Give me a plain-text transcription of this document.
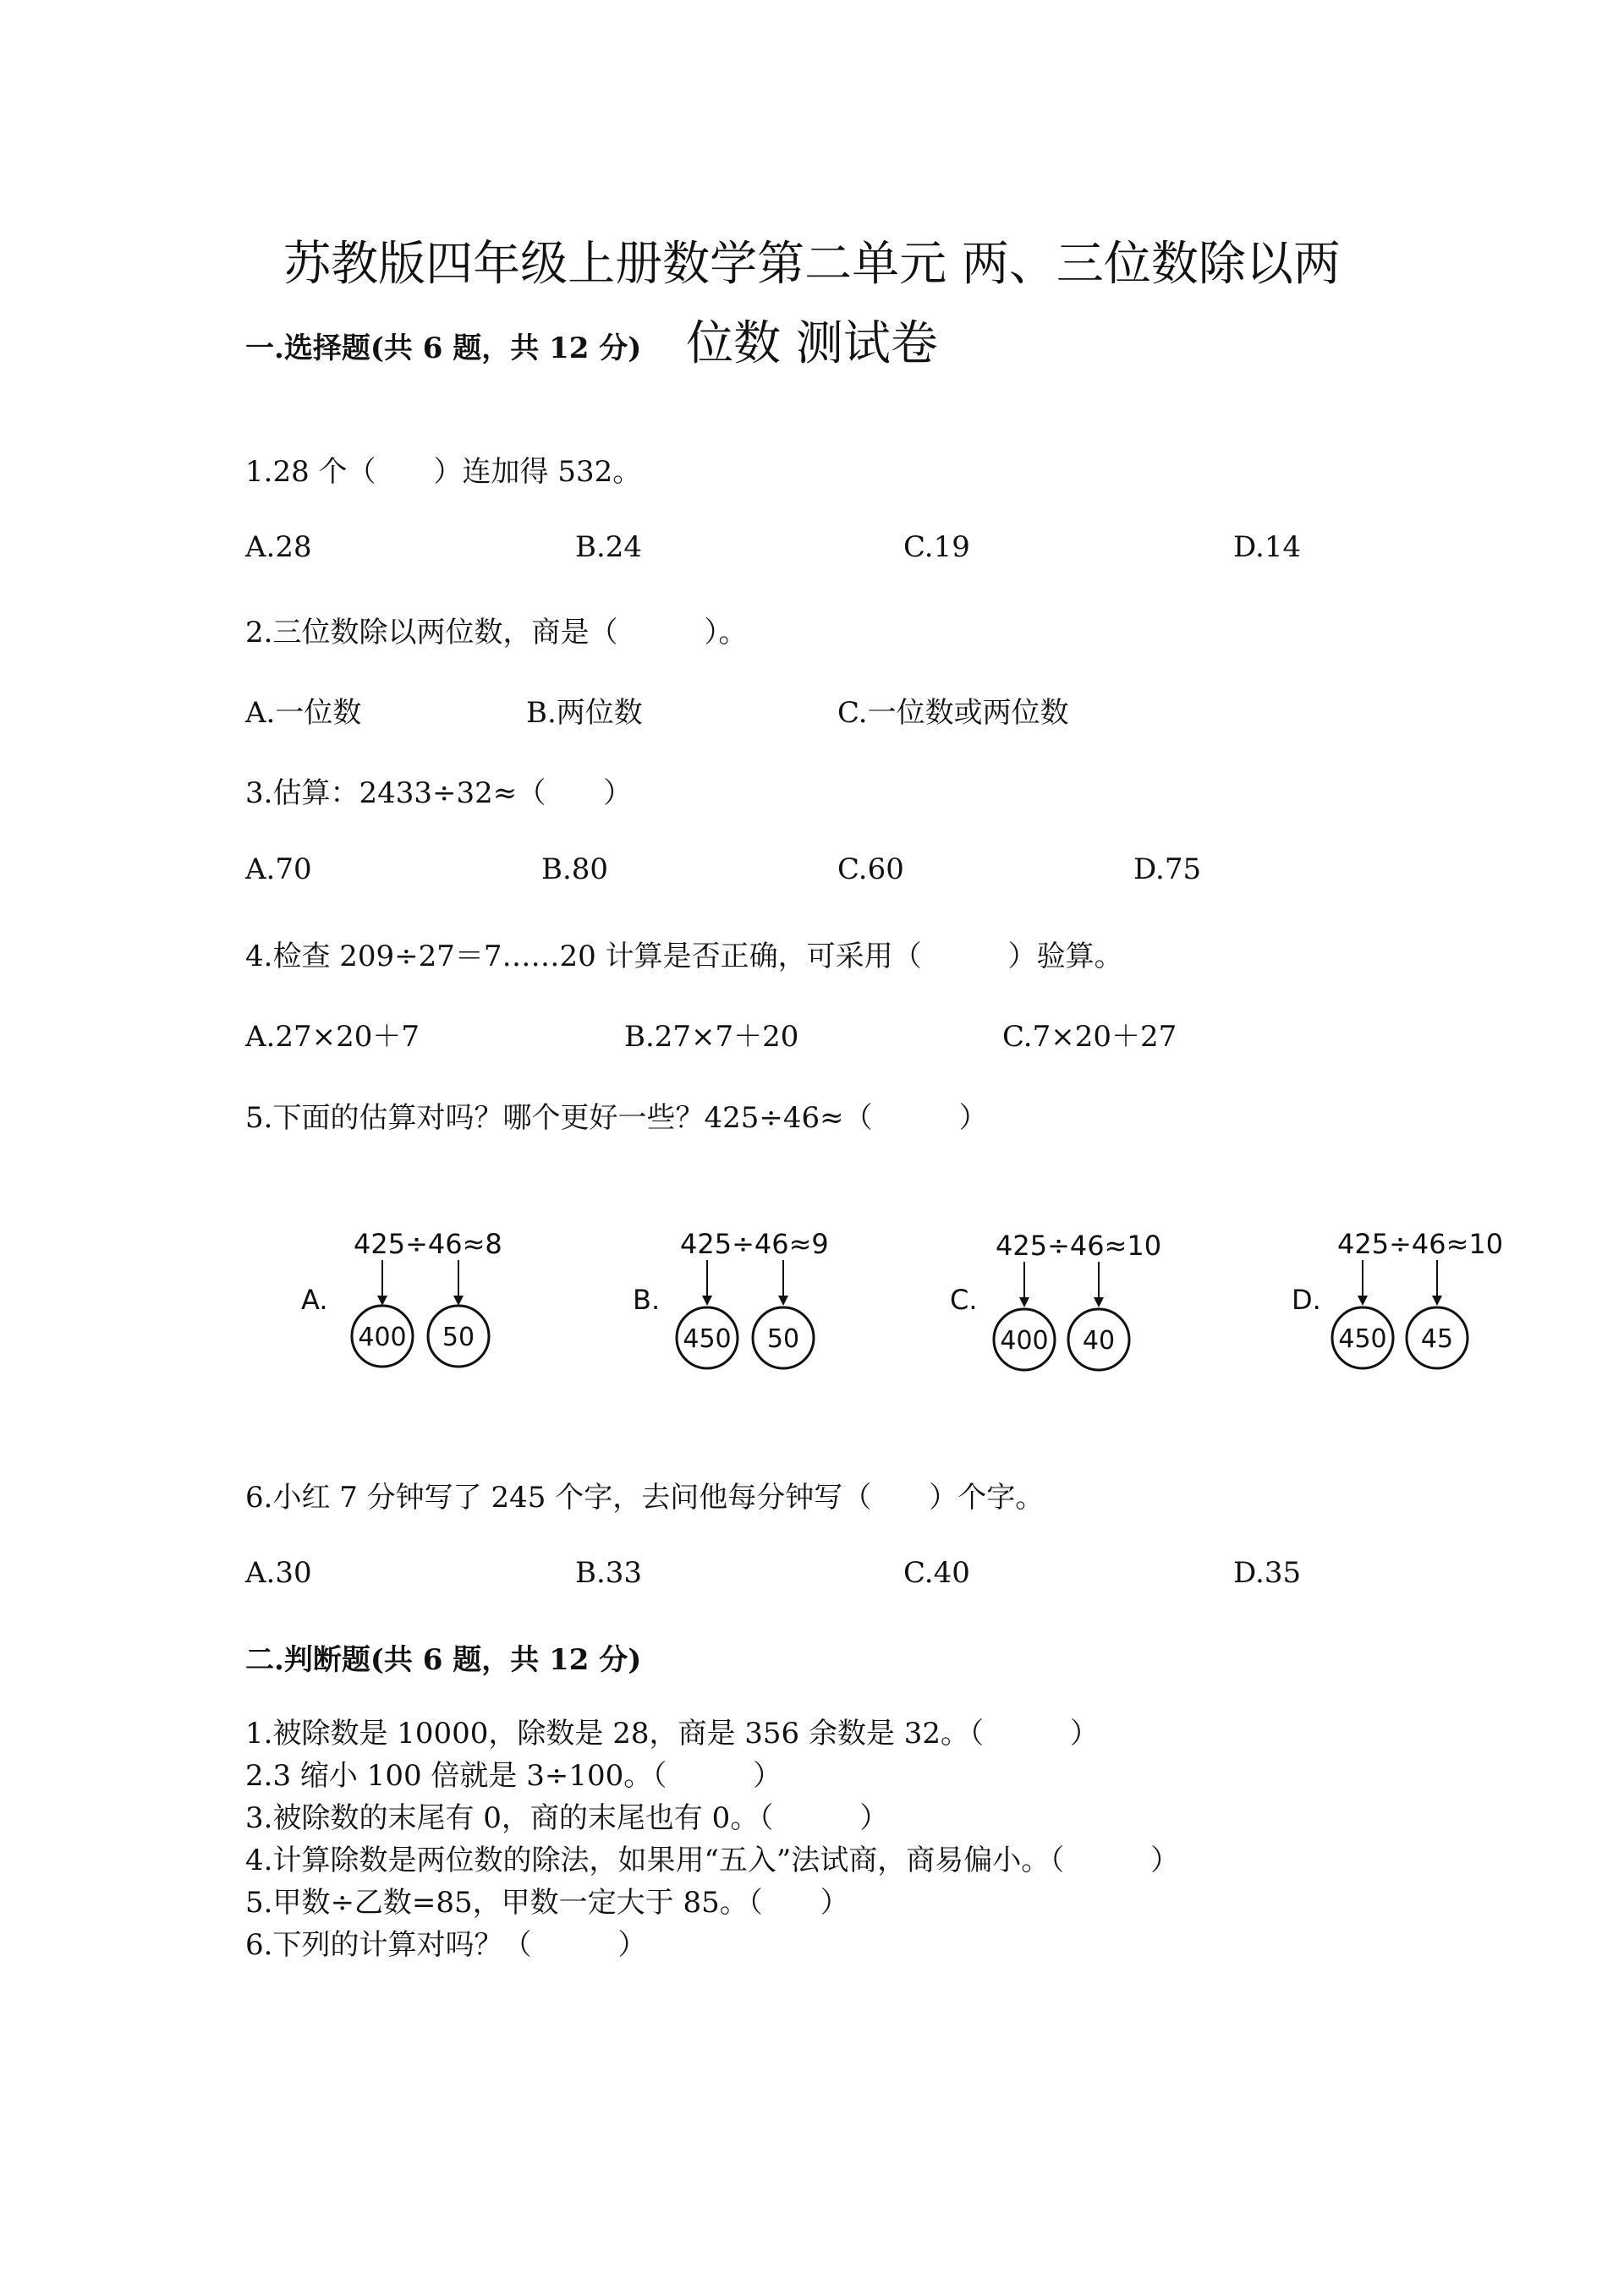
苏教版四年级上册数学第二单元 两、三位数除以两
位数 测试卷
一.选择题(共 6 题，共 12 分)
1.28 个（　　）连加得 532。
A.28	B.24	C.19	D.14
2.三位数除以两位数，商是（　　　）。
A.一位数	B.两位数	C.一位数或两位数
3.估算：2433÷32≈（　　）
A.70	B.80	C.60	D.75
4.检查 209÷27＝7……20 计算是否正确，可采用（　　　）验算。
A.27×20＋7	B.27×7＋20	C.7×20＋27
5.下面的估算对吗？哪个更好一些？425÷46≈（　　　）
A.
425÷46≈8
400 50
B.
425÷46≈9
450 50
C.
425÷46≈10
400 40
D.
425÷46≈10
450 45
6.小红 7 分钟写了 245 个字，去问他每分钟写（　　）个字。
A.30	B.33	C.40	D.35
二.判断题(共 6 题，共 12 分)
1.被除数是 10000，除数是 28，商是 356 余数是 32。（　　　）
2.3 缩小 100 倍就是 3÷100。（　　　）
3.被除数的末尾有 0，商的末尾也有 0。（　　　）
4.计算除数是两位数的除法，如果用“五入”法试商，商易偏小。（　　　）
5.甲数÷乙数=85，甲数一定大于 85。（　　）
6.下列的计算对吗？（　　　）
